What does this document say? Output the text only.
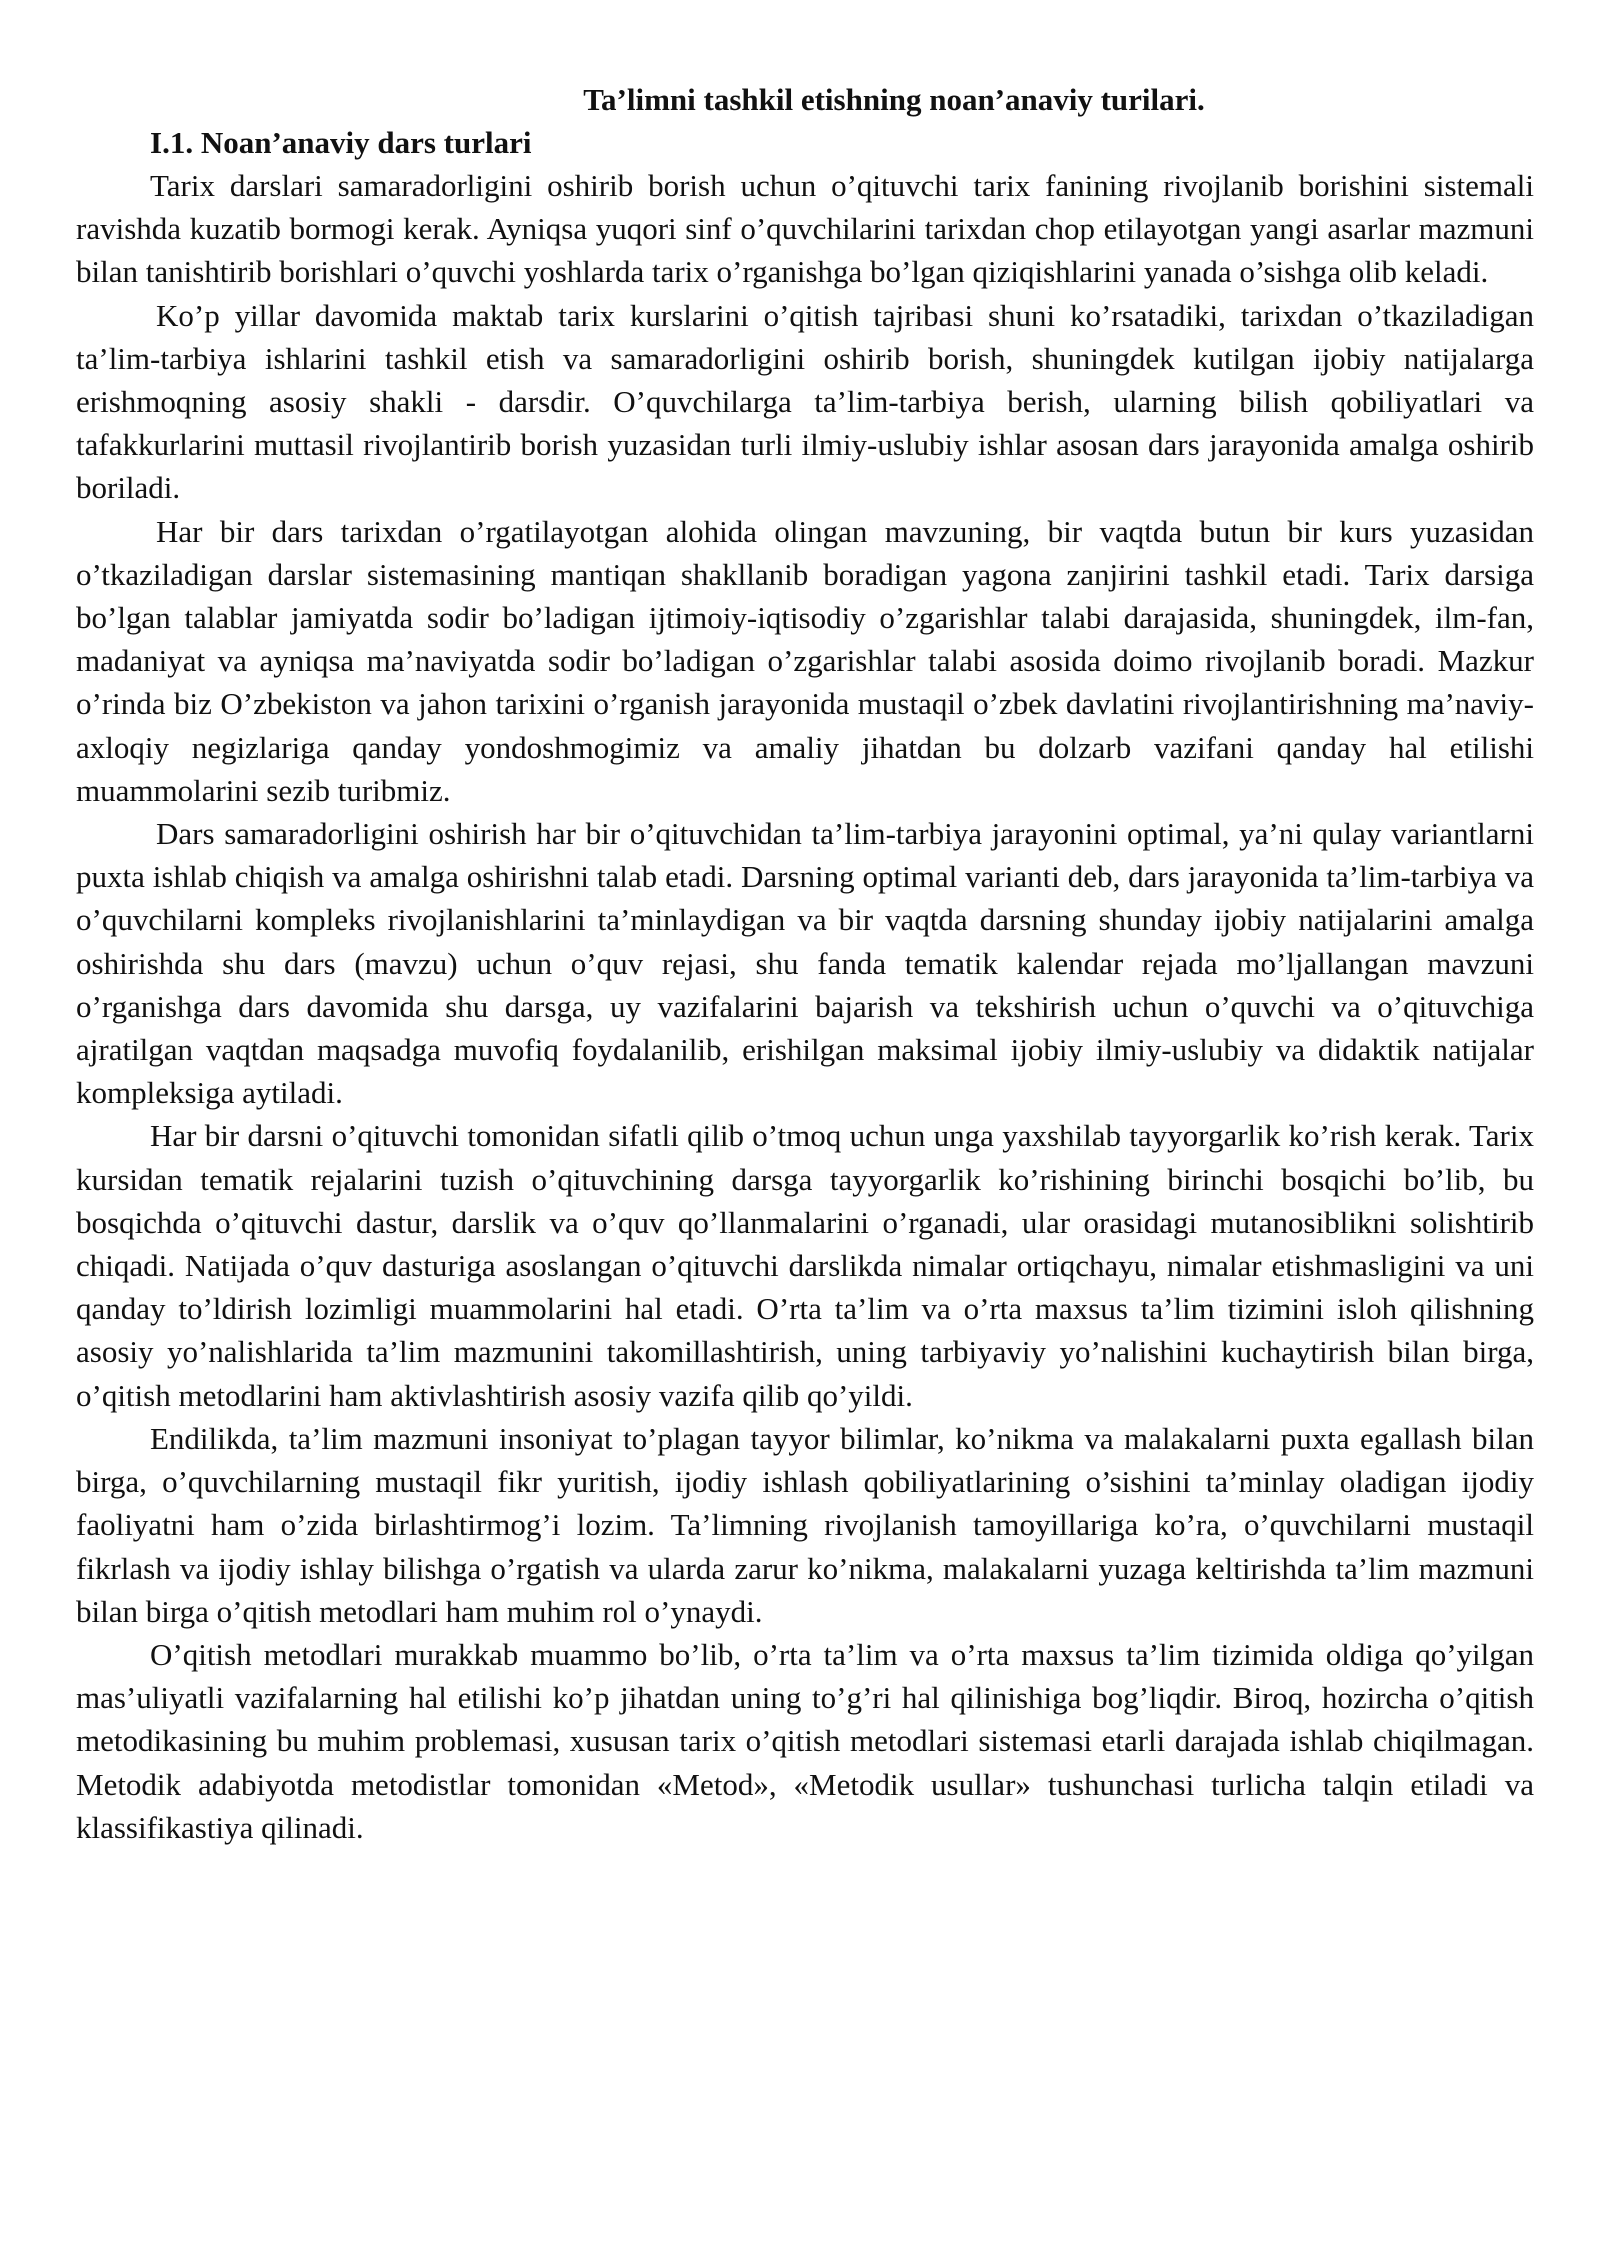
Ta’limni tashkil etishning noan’anaviy turilari.

I.1. Noan’anaviy dars turlari

Tarix darslari samaradorligini oshirib borish uchun o’qituvchi tarix fanining rivojlanib borishini sistemali ravishda kuzatib bormogi kerak. Ayniqsa yuqori sinf o’quvchilarini tarixdan chop etilayotgan yangi asarlar mazmuni bilan tanishtirib borishlari o’quvchi yoshlarda tarix o’rganishga bo’lgan qiziqishlarini yanada o’sishga olib keladi.

Ko’p yillar davomida maktab tarix kurslarini o’qitish tajribasi shuni ko’rsatadiki, tarixdan o’tkaziladigan ta’lim-tarbiya ishlarini tashkil etish va samaradorligini oshirib borish, shuningdek kutilgan ijobiy natijalarga erishmoqning asosiy shakli - darsdir. O’quvchilarga ta’lim-tarbiya berish, ularning bilish qobiliyatlari va tafakkurlarini muttasil rivojlantirib borish yuzasidan turli ilmiy-uslubiy ishlar asosan dars jarayonida amalga oshirib boriladi.

Har bir dars tarixdan o’rgatilayotgan alohida olingan mavzuning, bir vaqtda butun bir kurs yuzasidan o’tkaziladigan darslar sistemasining mantiqan shakllanib boradigan yagona zanjirini tashkil etadi. Tarix darsiga bo’lgan talablar jamiyatda sodir bo’ladigan ijtimoiy-iqtisodiy o’zgarishlar talabi darajasida, shuningdek, ilm-fan, madaniyat va ayniqsa ma’naviyatda sodir bo’ladigan o’zgarishlar talabi asosida doimo rivojlanib boradi. Mazkur o’rinda biz O’zbekiston va jahon tarixini o’rganish jarayonida mustaqil o’zbek davlatini rivojlantirishning ma’naviy-axloqiy negizlariga qanday yondoshmogimiz va amaliy jihatdan bu dolzarb vazifani qanday hal etilishi muammolarini sezib turibmiz.

Dars samaradorligini oshirish har bir o’qituvchidan ta’lim-tarbiya jarayonini optimal, ya’ni qulay variantlarni puxta ishlab chiqish va amalga oshirishni talab etadi. Darsning optimal varianti deb, dars jarayonida ta’lim-tarbiya va o’quvchilarni kompleks rivojlanishlarini ta’minlaydigan va bir vaqtda darsning shunday ijobiy natijalarini amalga oshirishda shu dars (mavzu) uchun o’quv rejasi, shu fanda tematik kalendar rejada mo’ljallangan mavzuni o’rganishga dars davomida shu darsga, uy vazifalarini bajarish va tekshirish uchun o’quvchi va o’qituvchiga ajratilgan vaqtdan maqsadga muvofiq foydalanilib, erishilgan maksimal ijobiy ilmiy-uslubiy va didaktik natijalar kompleksiga aytiladi.

Har bir darsni o’qituvchi tomonidan sifatli qilib o’tmoq uchun unga yaxshilab tayyorgarlik ko’rish kerak. Tarix kursidan tematik rejalarini tuzish o’qituvchining darsga tayyorgarlik ko’rishining birinchi bosqichi bo’lib, bu bosqichda o’qituvchi dastur, darslik va o’quv qo’llanmalarini o’rganadi, ular orasidagi mutanosiblikni solishtirib chiqadi. Natijada o’quv dasturiga asoslangan o’qituvchi darslikda nimalar ortiqchayu, nimalar etishmasligini va uni qanday to’ldirish lozimligi muammolarini hal etadi. O’rta ta’lim va o’rta maxsus ta’lim tizimini isloh qilishning asosiy yo’nalishlarida ta’lim mazmunini takomillashtirish, uning tarbiyaviy yo’nalishini kuchaytirish bilan birga, o’qitish metodlarini ham aktivlashtirish asosiy vazifa qilib qo’yildi.

Endilikda, ta’lim mazmuni insoniyat to’plagan tayyor bilimlar, ko’nikma va malakalarni puxta egallash bilan birga, o’quvchilarning mustaqil fikr yuritish, ijodiy ishlash qobiliyatlarining o’sishini ta’minlay oladigan ijodiy faoliyatni ham o’zida birlashtirmog’i lozim. Ta’limning rivojlanish tamoyillariga ko’ra, o’quvchilarni mustaqil fikrlash va ijodiy ishlay bilishga o’rgatish va ularda zarur ko’nikma, malakalarni yuzaga keltirishda ta’lim mazmuni bilan birga o’qitish metodlari ham muhim rol o’ynaydi.

O’qitish metodlari murakkab muammo bo’lib, o’rta ta’lim va o’rta maxsus ta’lim tizimida oldiga qo’yilgan mas’uliyatli vazifalarning hal etilishi ko’p jihatdan uning to’g’ri hal qilinishiga bog’liqdir. Biroq, hozircha o’qitish metodikasining bu muhim problemasi, xususan tarix o’qitish metodlari sistemasi etarli darajada ishlab chiqilmagan. Metodik adabiyotda metodistlar tomonidan «Metod», «Metodik usullar» tushunchasi turlicha talqin etiladi va klassifikastiya qilinadi.
